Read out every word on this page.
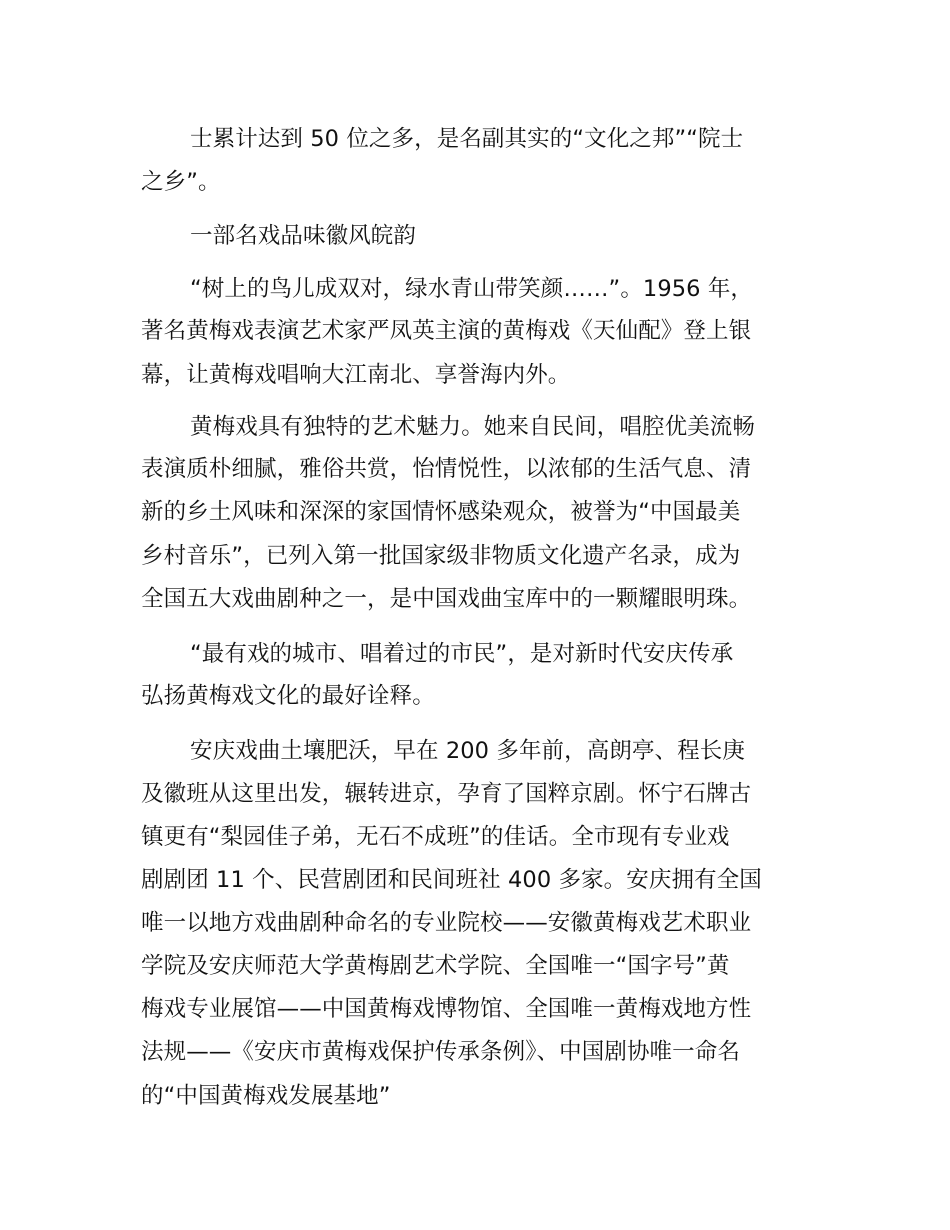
士累计达到 50 位之多，是名副其实的“文化之邦”“院士
之乡”。
一部名戏品味徽风皖韵
“树上的鸟儿成双对，绿水青山带笑颜……”。1956 年，
著名黄梅戏表演艺术家严凤英主演的黄梅戏《天仙配》登上银
幕，让黄梅戏唱响大江南北、享誉海内外。
黄梅戏具有独特的艺术魅力。她来自民间，唱腔优美流畅
表演质朴细腻，雅俗共赏，怡情悦性，以浓郁的生活气息、清
新的乡土风味和深深的家国情怀感染观众，被誉为“中国最美
乡村音乐”，已列入第一批国家级非物质文化遗产名录，成为
全国五大戏曲剧种之一，是中国戏曲宝库中的一颗耀眼明珠。
“最有戏的城市、唱着过的市民”，是对新时代安庆传承
弘扬黄梅戏文化的最好诠释。
安庆戏曲土壤肥沃，早在 200 多年前，高朗亭、程长庚
及徽班从这里出发，辗转进京，孕育了国粹京剧。怀宁石牌古
镇更有“梨园佳子弟，无石不成班”的佳话。全市现有专业戏
剧剧团 11 个、民营剧团和民间班社 400 多家。安庆拥有全国
唯一以地方戏曲剧种命名的专业院校——安徽黄梅戏艺术职业
学院及安庆师范大学黄梅剧艺术学院、全国唯一“国字号”黄
梅戏专业展馆——中国黄梅戏博物馆、全国唯一黄梅戏地方性
法规——《安庆市黄梅戏保护传承条例》、中国剧协唯一命名
的“中国黄梅戏发展基地”
